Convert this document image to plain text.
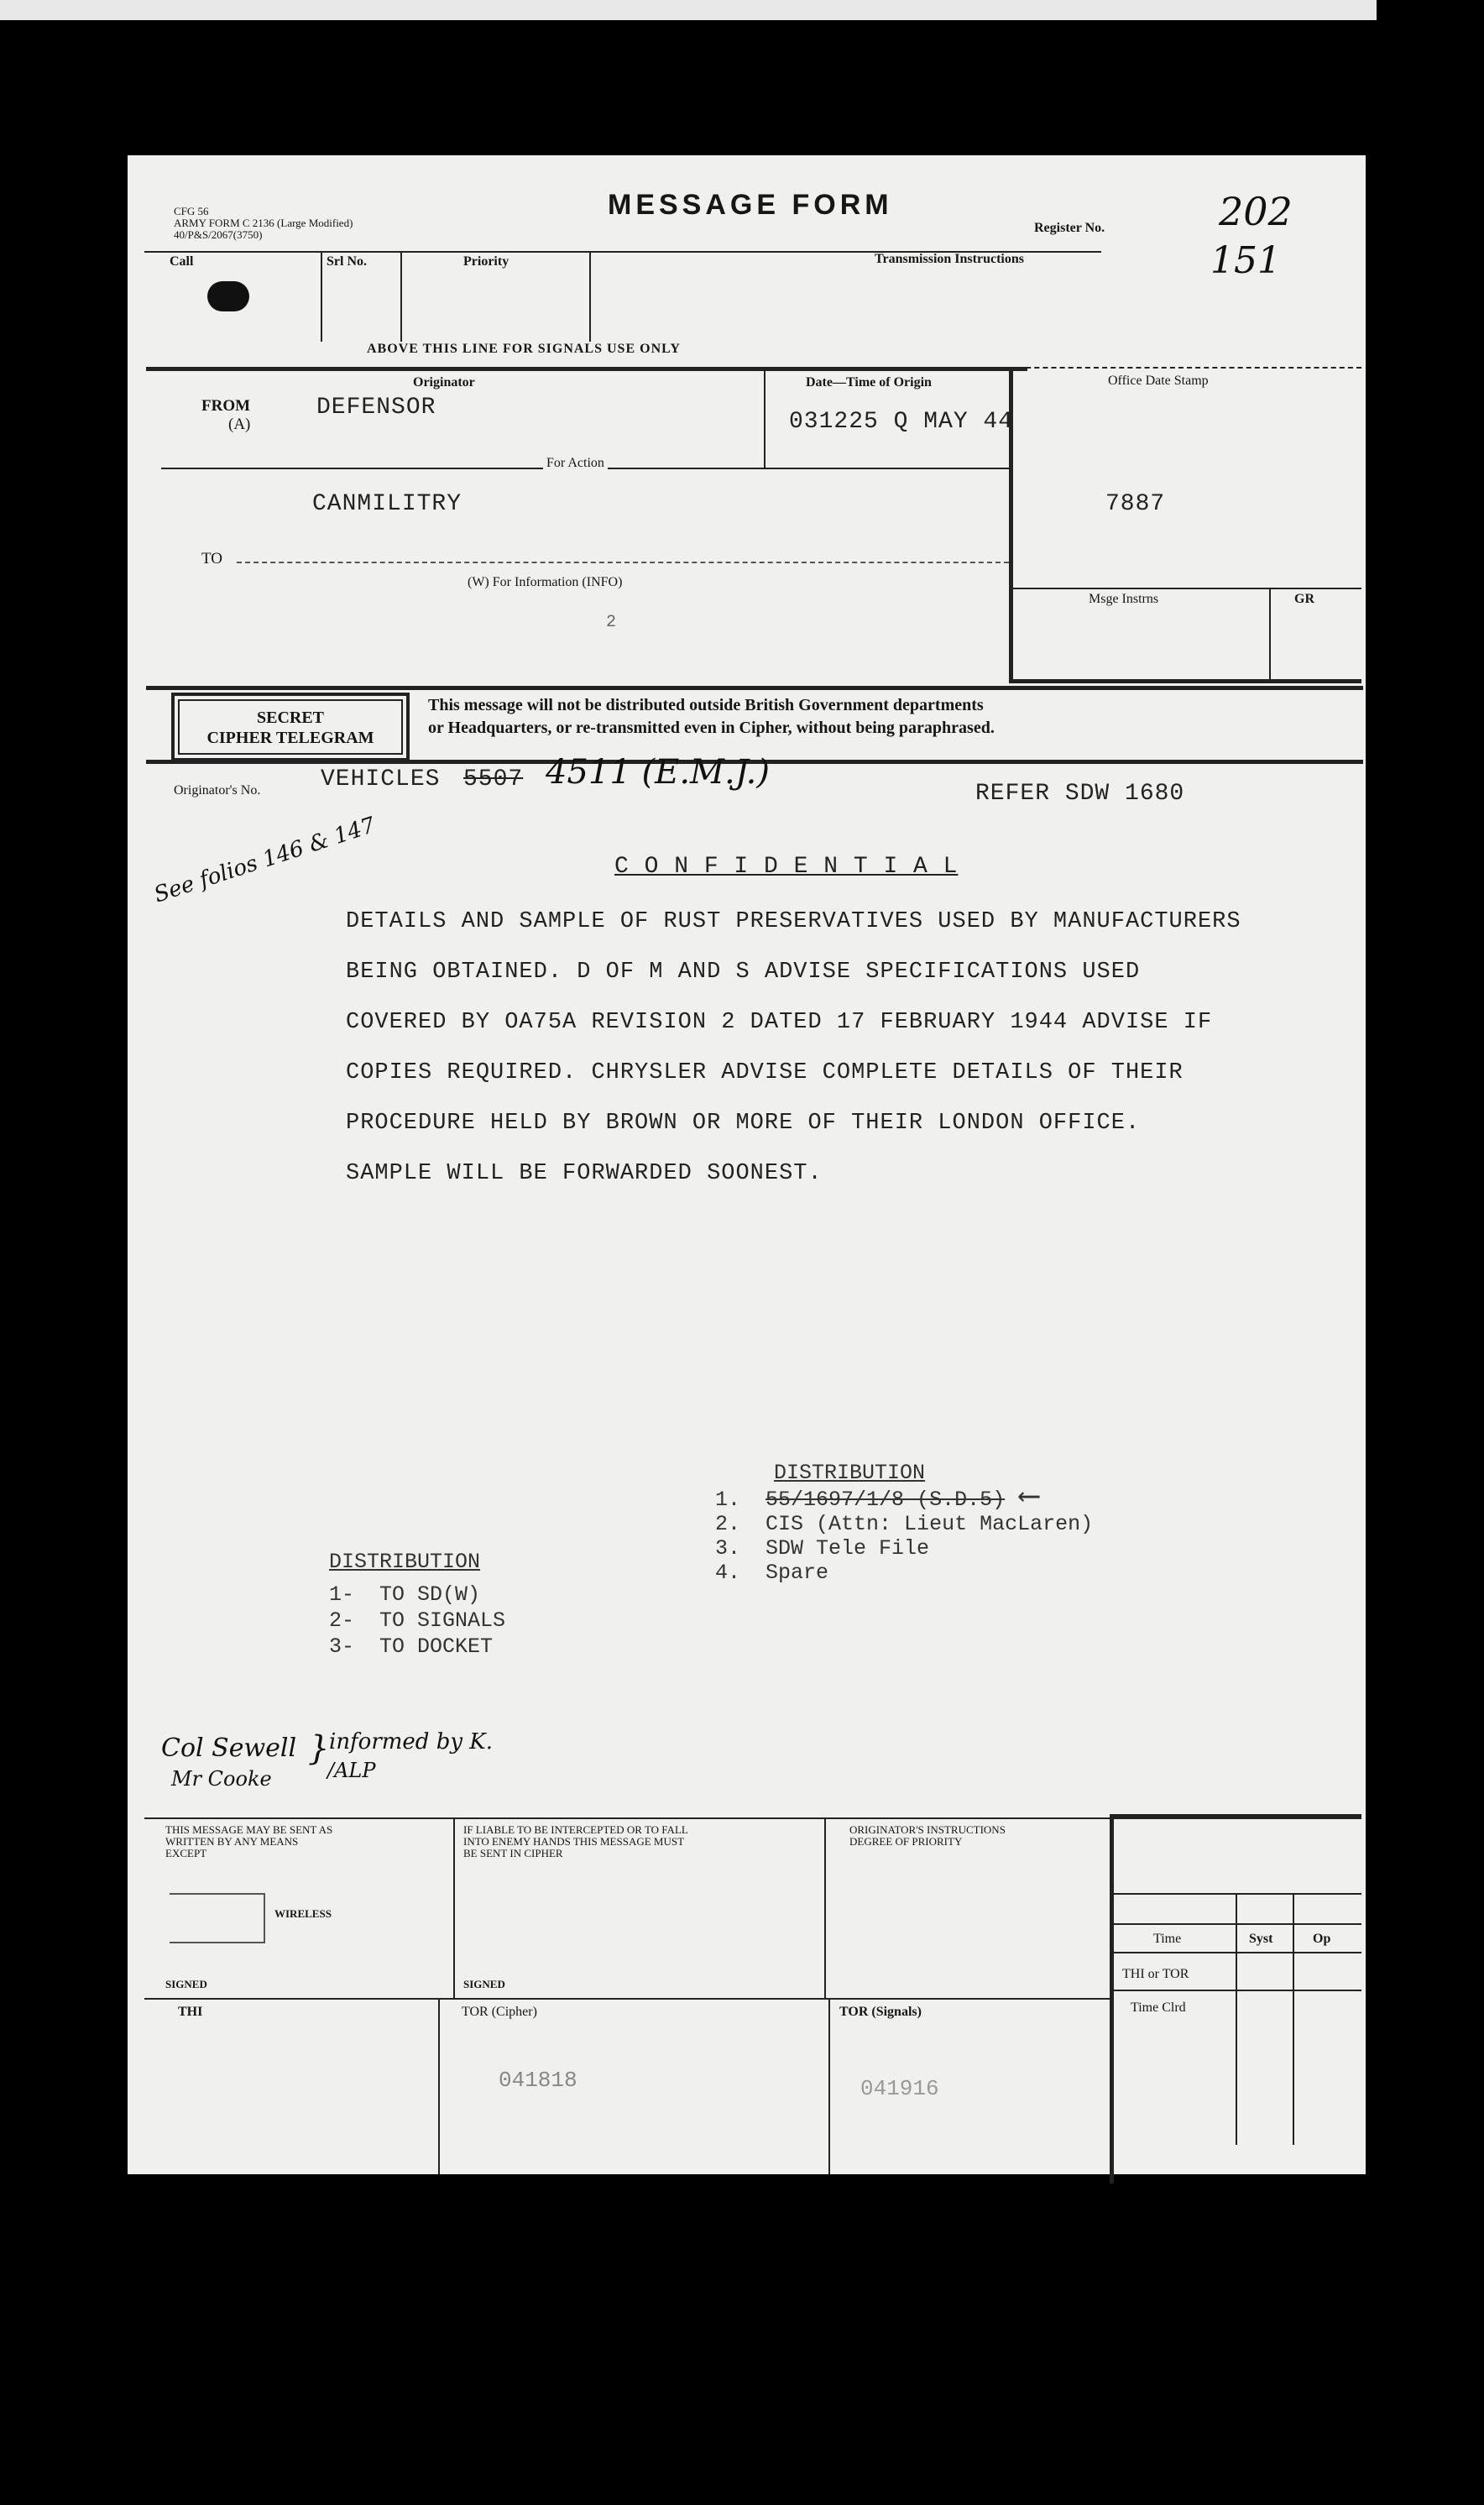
CFG 56
ARMY FORM C 2136 (Large Modified)
40/P&S/2067(3750)
MESSAGE FORM
Register No.	202
151
Call	Srl No.	Priority	Transmission Instructions
ABOVE THIS LINE FOR SIGNALS USE ONLY
FROM
(A)
Originator
DEFENSOR
Date—Time of Origin
031225 Q MAY 44
Office Date Stamp
7887
For Action
CANMILITRY
TO
(W) For Information (INFO)
2
Msge Instrns	GR
SECRET
CIPHER TELEGRAM
This message will not be distributed outside British Government departments
or Headquarters, or re-transmitted even in Cipher, without being paraphrased.
Originator's No.	VEHICLES 5507 4511 (E.M.J.)
REFER SDW 1680
See folios 146 & 147	C O N F I D E N T I A L
DETAILS AND SAMPLE OF RUST PRESERVATIVES USED BY MANUFACTURERS
BEING OBTAINED. D OF M AND S ADVISE SPECIFICATIONS USED
COVERED BY OA75A REVISION 2 DATED 17 FEBRUARY 1944 ADVISE IF
COPIES REQUIRED. CHRYSLER ADVISE COMPLETE DETAILS OF THEIR
PROCEDURE HELD BY BROWN OR MORE OF THEIR LONDON OFFICE.
SAMPLE WILL BE FORWARDED SOONEST.
DISTRIBUTION
1. 55/1697/1/8 (S.D.5) ⟵
2. CIS (Attn: Lieut MacLaren)
3. SDW Tele File
4. Spare
DISTRIBUTION
1- TO SD(W)
2- TO SIGNALS
3- TO DOCKET
Col Sewell
Mr Cooke
} informed by K.
/ALP
THIS MESSAGE MAY BE SENT AS
WRITTEN BY ANY MEANS
EXCEPT
WIRELESS
SIGNED
IF LIABLE TO BE INTERCEPTED OR TO FALL
INTO ENEMY HANDS THIS MESSAGE MUST
BE SENT IN CIPHER
SIGNED
ORIGINATOR'S INSTRUCTIONS
DEGREE OF PRIORITY
Time	Syst	Op
THI or TOR
Time Clrd
THI	TOR (Cipher)
041818
TOR (Signals)
041916
